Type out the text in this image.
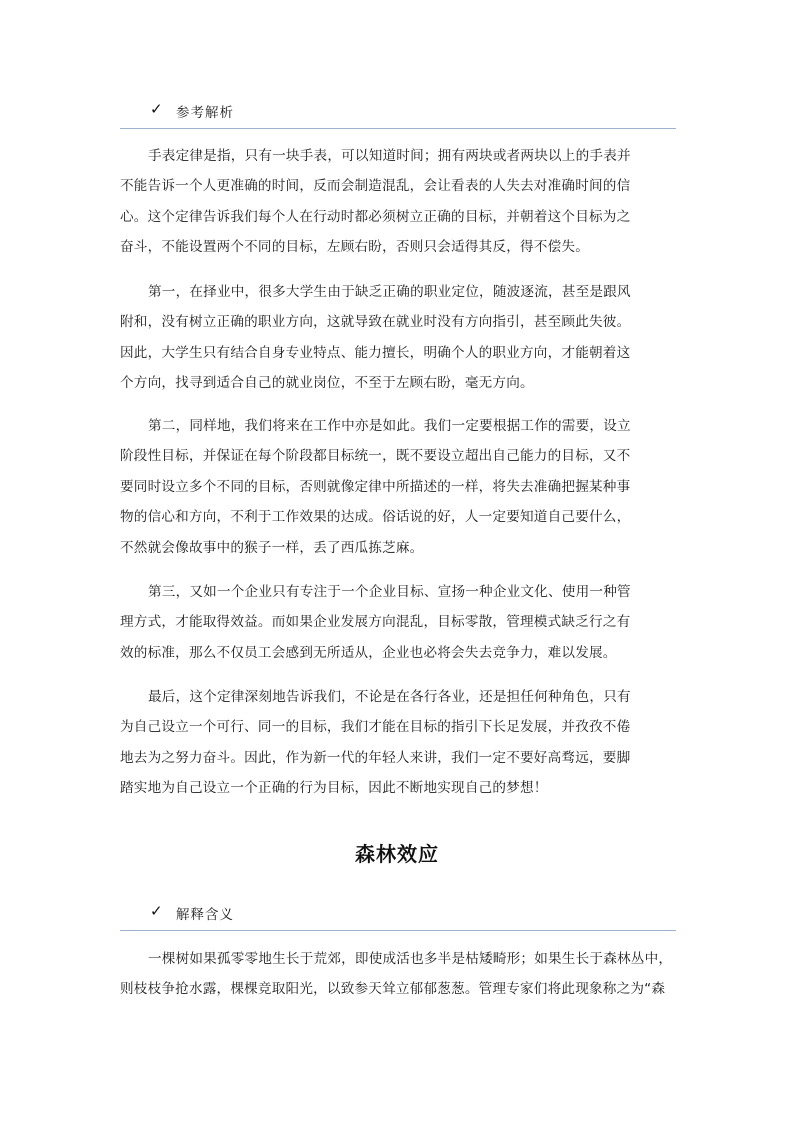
✓ 参考解析
手表定律是指，只有一块手表，可以知道时间；拥有两块或者两块以上的手表并
不能告诉一个人更准确的时间，反而会制造混乱，会让看表的人失去对准确时间的信
心。这个定律告诉我们每个人在行动时都必须树立正确的目标，并朝着这个目标为之
奋斗，不能设置两个不同的目标，左顾右盼，否则只会适得其反，得不偿失。
第一，在择业中，很多大学生由于缺乏正确的职业定位，随波逐流，甚至是跟风
附和，没有树立正确的职业方向，这就导致在就业时没有方向指引，甚至顾此失彼。
因此，大学生只有结合自身专业特点、能力擅长，明确个人的职业方向，才能朝着这
个方向，找寻到适合自己的就业岗位，不至于左顾右盼，毫无方向。
第二，同样地，我们将来在工作中亦是如此。我们一定要根据工作的需要，设立
阶段性目标，并保证在每个阶段都目标统一，既不要设立超出自己能力的目标，又不
要同时设立多个不同的目标，否则就像定律中所描述的一样，将失去准确把握某种事
物的信心和方向，不利于工作效果的达成。俗话说的好，人一定要知道自己要什么，
不然就会像故事中的猴子一样，丢了西瓜拣芝麻。
第三，又如一个企业只有专注于一个企业目标、宣扬一种企业文化、使用一种管
理方式，才能取得效益。而如果企业发展方向混乱，目标零散，管理模式缺乏行之有
效的标准，那么不仅员工会感到无所适从，企业也必将会失去竞争力，难以发展。
最后，这个定律深刻地告诉我们，不论是在各行各业，还是担任何种角色，只有
为自己设立一个可行、同一的目标，我们才能在目标的指引下长足发展，并孜孜不倦
地去为之努力奋斗。因此，作为新一代的年轻人来讲，我们一定不要好高骛远，要脚
踏实地为自己设立一个正确的行为目标，因此不断地实现自己的梦想！
森林效应
✓ 解释含义
一棵树如果孤零零地生长于荒郊，即使成活也多半是枯矮畸形；如果生长于森林丛中，
则枝枝争抢水露，棵棵竞取阳光，以致参天耸立郁郁葱葱。管理专家们将此现象称之为“森
